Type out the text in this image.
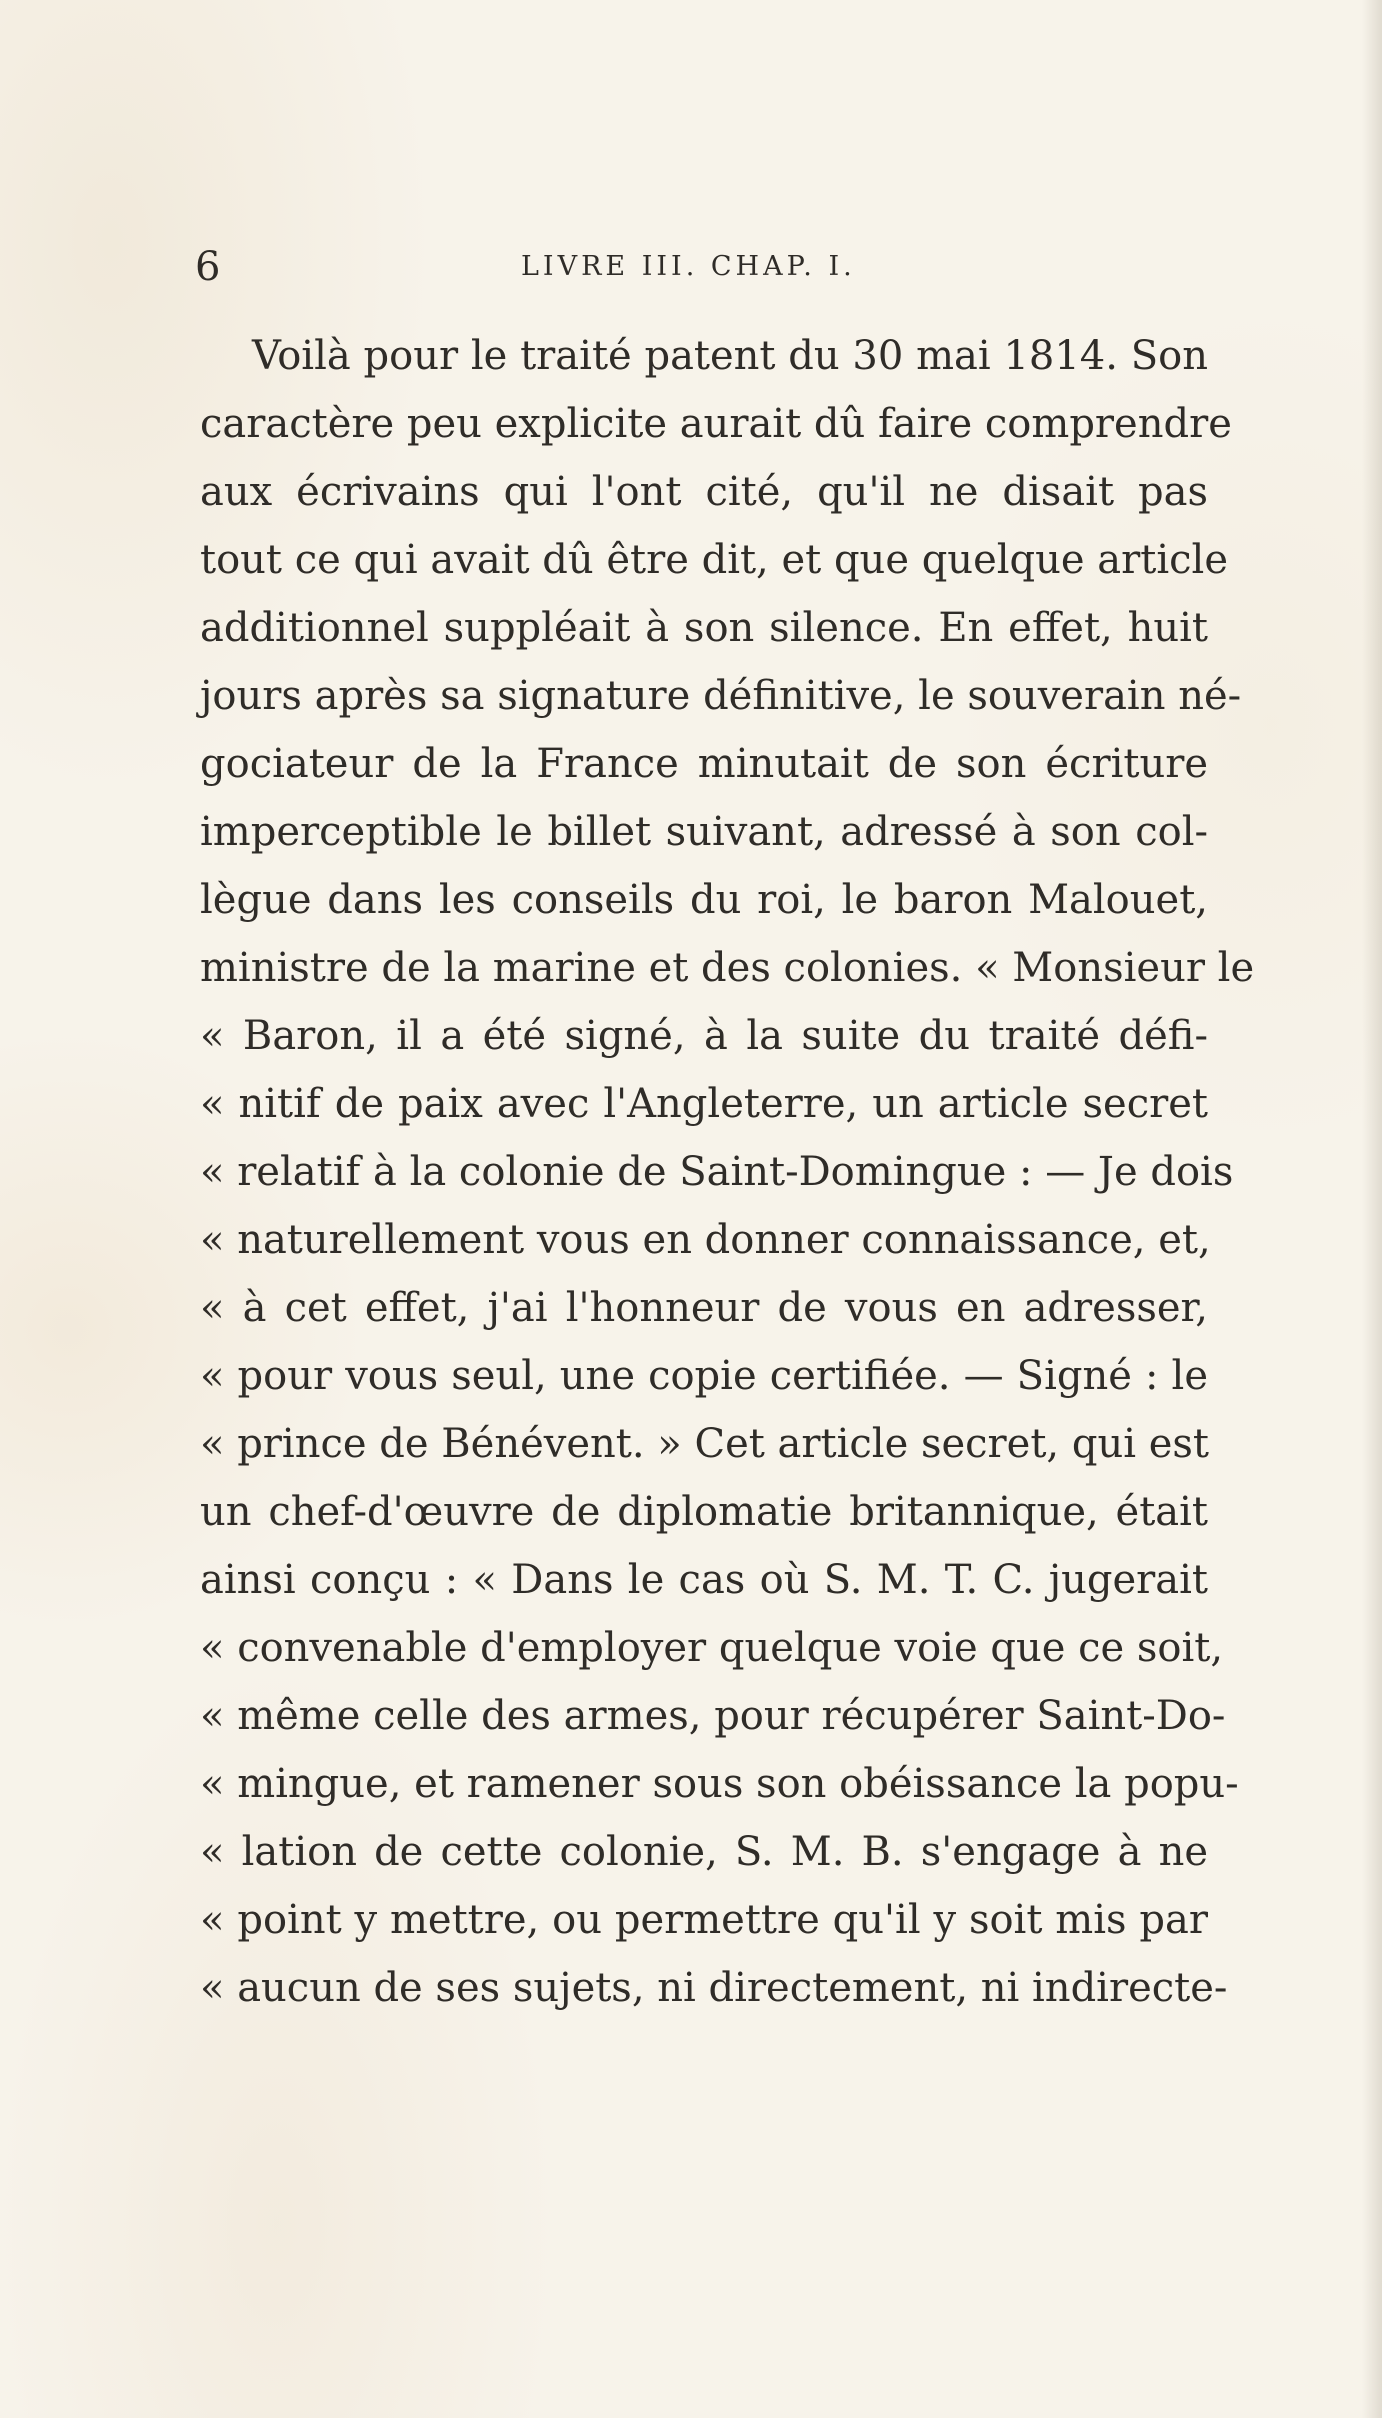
6	LIVRE III. CHAP. I.
Voilà pour le traité patent du 30 mai 1814. Son
caractère peu explicite aurait dû faire comprendre
aux écrivains qui l'ont cité, qu'il ne disait pas
tout ce qui avait dû être dit, et que quelque article
additionnel suppléait à son silence. En effet, huit
jours après sa signature définitive, le souverain né-
gociateur de la France minutait de son écriture
imperceptible le billet suivant, adressé à son col-
lègue dans les conseils du roi, le baron Malouet,
ministre de la marine et des colonies. « Monsieur le
« Baron, il a été signé, à la suite du traité défi-
« nitif de paix avec l'Angleterre, un article secret
« relatif à la colonie de Saint-Domingue : — Je dois
« naturellement vous en donner connaissance, et,
« à cet effet, j'ai l'honneur de vous en adresser,
« pour vous seul, une copie certifiée. — Signé : le
« prince de Bénévent. » Cet article secret, qui est
un chef-d'œuvre de diplomatie britannique, était
ainsi conçu : « Dans le cas où S. M. T. C. jugerait
« convenable d'employer quelque voie que ce soit,
« même celle des armes, pour récupérer Saint-Do-
« mingue, et ramener sous son obéissance la popu-
« lation de cette colonie, S. M. B. s'engage à ne
« point y mettre, ou permettre qu'il y soit mis par
« aucun de ses sujets, ni directement, ni indirecte-
